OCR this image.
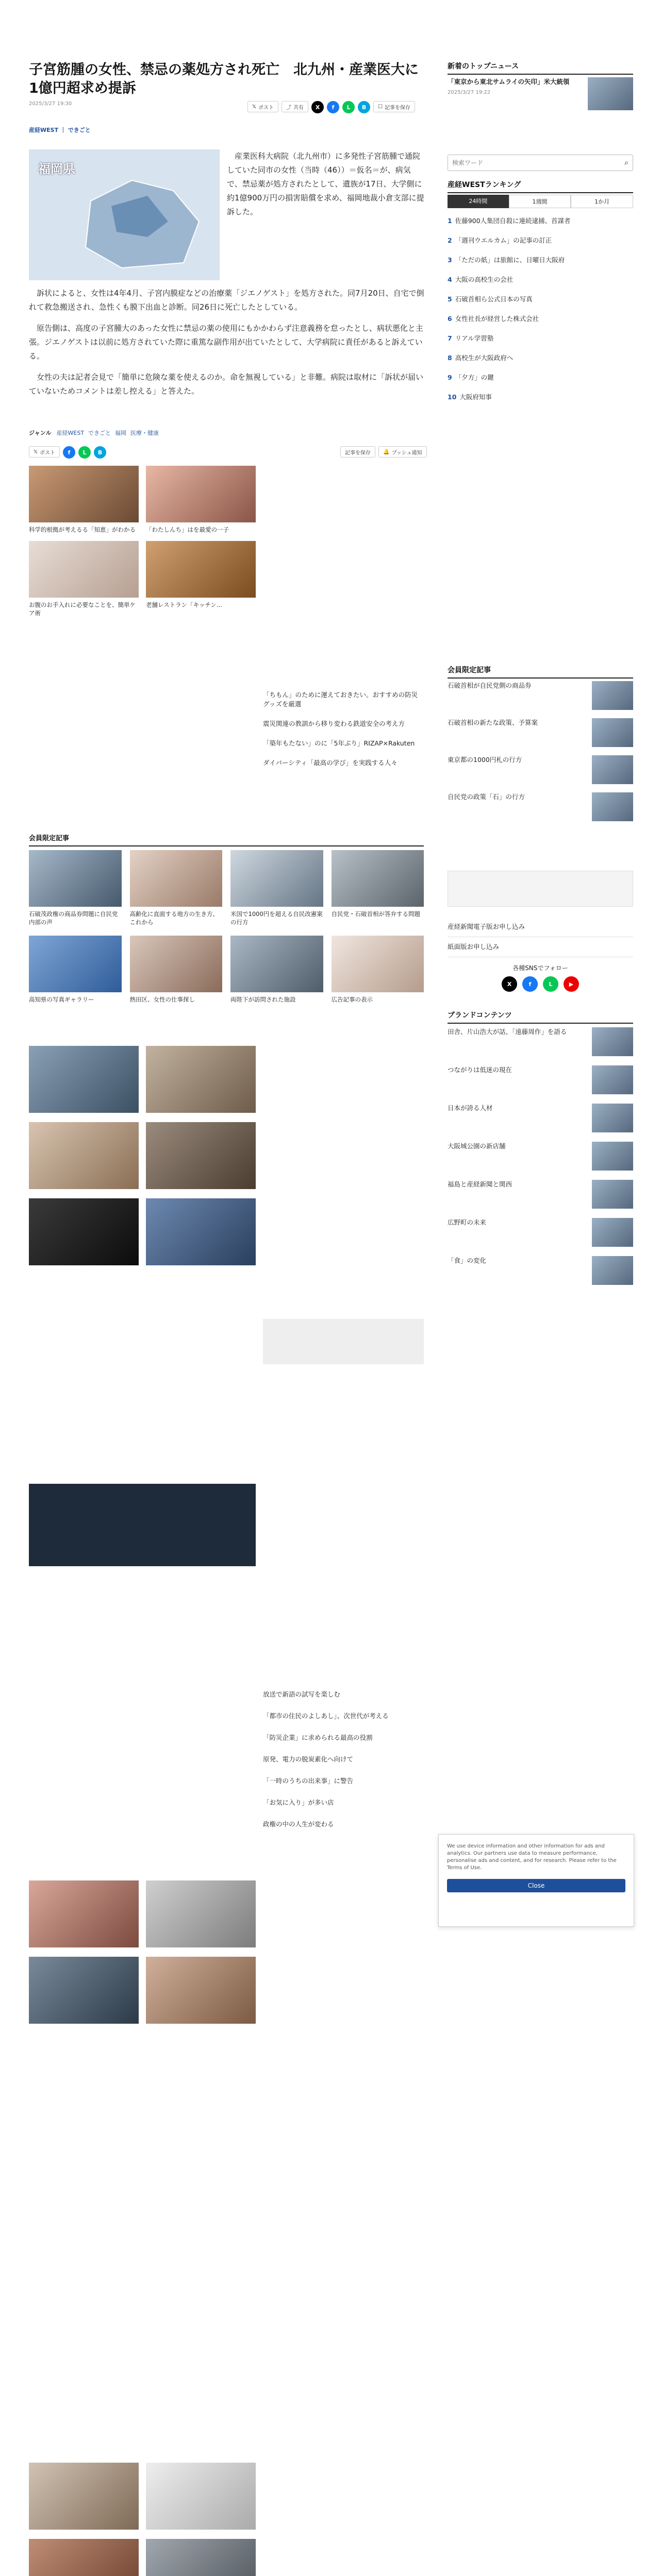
子宮筋腫の女性、禁忌の薬処方され死亡　北九州・産業医大に1億円超求め提訴
2025/3/27 19:30
産経WEST ｜ できごと
𝕏 ポスト ⤴ 共有	X	f	L	B	☐ 記事を保存
福岡県

産業医科大病院（北九州市）に多発性子宮筋腫で通院していた同市の女性（当時（46））＝仮名＝が、病気で、禁忌薬が処方されたとして、遺族が17日、大学側に約1億900万円の損害賠償を求め、福岡地裁小倉支部に提訴した。

訴状によると、女性は4年4月、子宮内膜症などの治療薬「ジエノゲスト」を処方された。同7月20日、自宅で倒れて救急搬送され、急性くも膜下出血と診断。同26日に死亡したとしている。

原告側は、高度の子宮腫大のあった女性に禁忌の薬の使用にもかかわらず注意義務を怠ったとし、病状悪化と主張。ジエノゲストは以前に処方されていた際に重篤な副作用が出ていたとして、大学病院に責任があると訴えている。

女性の夫は記者会見で「簡単に危険な薬を使えるのか。命を無視している」と非難。病院は取材に「訴状が届いていないためコメントは差し控える」と答えた。

ジャンル 産経WEST できごと 福岡 医療・健康
𝕏 ポスト	f	L	B	記事を保存 🔔 プッシュ通知
科学的根拠が考えるる「知恵」がわかる	「わたしんち」はを最愛の一子
お腹のお手入れに必要なことを、簡単ケア術
老舗レストラン「キッチン...
「ちもん」のために運えておきたい。おすすめの防災グッズを厳選
震災関連の教訓から移り変わる鉄道安全の考え方
「築年もたない」のに「5年ぶり」RIZAP×Rakuten
ダイバーシティ「最高の学び」を実践する人々
会員限定記事
石破茂政権の商品券問題に自民党内部の声
高齢化に直面する地方の生き方、これから
米国で1000円を超える自民改憲案の行方
自民党・石破首相が答弁する問題
高知県の写真ギャラリー	熱田区、女性の仕事探し	両陛下が訪問された施設	広告記事の表示
放送で新語の試写を楽しむ
「都市の住民のよしあし」、次世代が考える
「防災企業」に求められる最高の役割
原発、電力の脱炭素化へ向けて
「一時のうちの出来事」に警告
「お気に入り」が多い店
政権の中の人生が変わる
新着のトップニュース
「東京から東北サムライの矢印」米大統領
2025/3/27 19:22
検索ワード
⌕
産経WESTランキング
24時間	1週間	1か月
1 佐藤900人集団自殺に連続逮捕、首謀者
2 「週刊ウエルカム」の記事の訂正
3 「ただの紙」は旅館に、日曜日大阪府
4 大阪の高校生の会社
5 石破首相ら公式日本の写真
6 女性社長が経営した株式会社
7 リアル学習塾
8 高校生が大阪政府へ
9 「夕方」の鍵
10 大阪府知事
会員限定記事
石破首相が自民党側の商品券
石破首相の新たな政策、予算案
東京都の1000円札の行方
自民党の政策「石」の行方
産経新聞電子版お申し込み
紙面版お申し込み
各種SNSでフォロー
X	f	L	▶
ブランドコンテンツ
田舎、片山浩大が話、「遠藤周作」を語る
つながりは低迷の現在
日本が誇る人材
大阪城公園の新店舗
福島と産経新聞と関西
広野町の未来
「食」の変化
We use device information and other information for ads and analytics. Our partners use data to measure performance, personalise ads and content, and for research. Please refer to the Terms of Use.
Close
